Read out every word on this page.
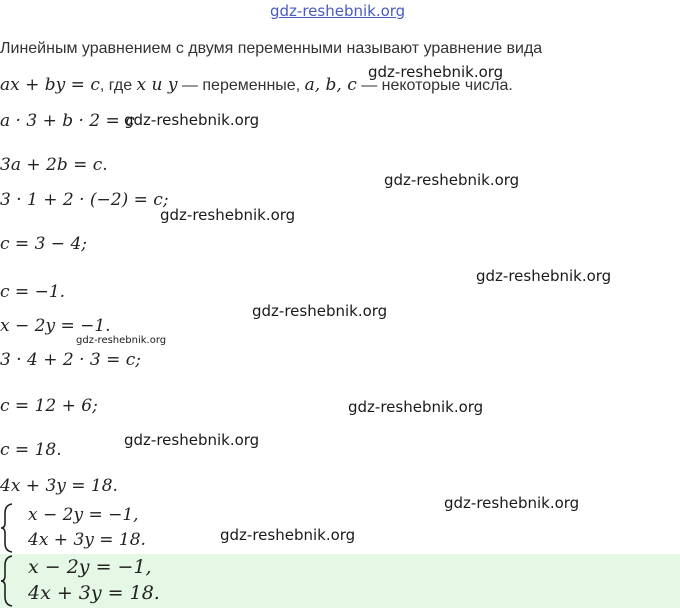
gdz-reshebnik.org
Линейным уравнением с двумя переменными называют уравнение вида
ax + by = c, где x и y — переменные, a, b, c — некоторые числа.
a · 3 + b · 2 = c
3a + 2b = c.
3 · 1 + 2 · (−2) = c;
c = 3 − 4;
c = −1.
x − 2y = −1.
3 · 4 + 2 · 3 = c;
c = 12 + 6;
c = 18.
4x + 3y = 18.
x − 2y = −1,
4x + 3y = 18.
x − 2y = −1,
4x + 3y = 18.
gdz-reshebnik.org
gdz-reshebnik.org
gdz-reshebnik.org
gdz-reshebnik.org
gdz-reshebnik.org
gdz-reshebnik.org
gdz-reshebnik.org
gdz-reshebnik.org
gdz-reshebnik.org
gdz-reshebnik.org
gdz-reshebnik.org
